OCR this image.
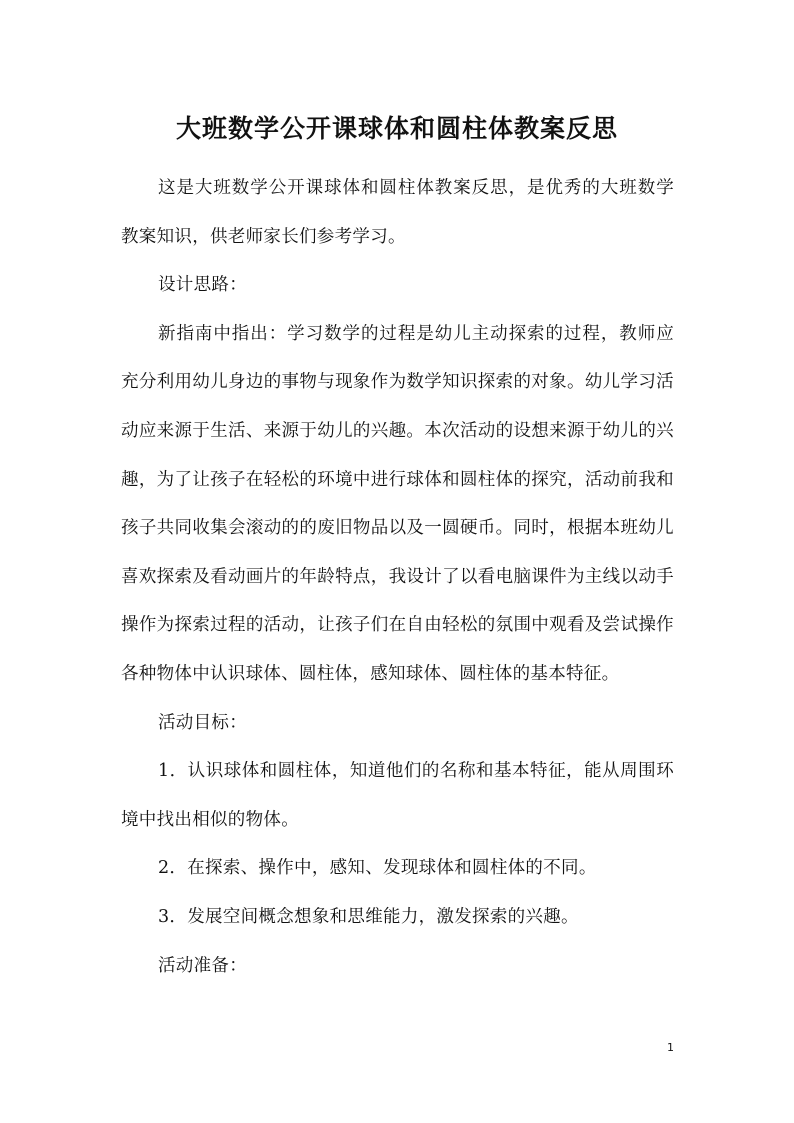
大班数学公开课球体和圆柱体教案反思

这是大班数学公开课球体和圆柱体教案反思，是优秀的大班数学教案知识，供老师家长们参考学习。

设计思路：

新指南中指出：学习数学的过程是幼儿主动探索的过程，教师应充分利用幼儿身边的事物与现象作为数学知识探索的对象。幼儿学习活动应来源于生活、来源于幼儿的兴趣。本次活动的设想来源于幼儿的兴趣，为了让孩子在轻松的环境中进行球体和圆柱体的探究，活动前我和孩子共同收集会滚动的的废旧物品以及一圆硬币。同时，根据本班幼儿喜欢探索及看动画片的年龄特点，我设计了以看电脑课件为主线以动手操作为探索过程的活动，让孩子们在自由轻松的氛围中观看及尝试操作各种物体中认识球体、圆柱体，感知球体、圆柱体的基本特征。

活动目标：

1．认识球体和圆柱体，知道他们的名称和基本特征，能从周围环境中找出相似的物体。

2．在探索、操作中，感知、发现球体和圆柱体的不同。

3．发展空间概念想象和思维能力，激发探索的兴趣。

活动准备：

1
